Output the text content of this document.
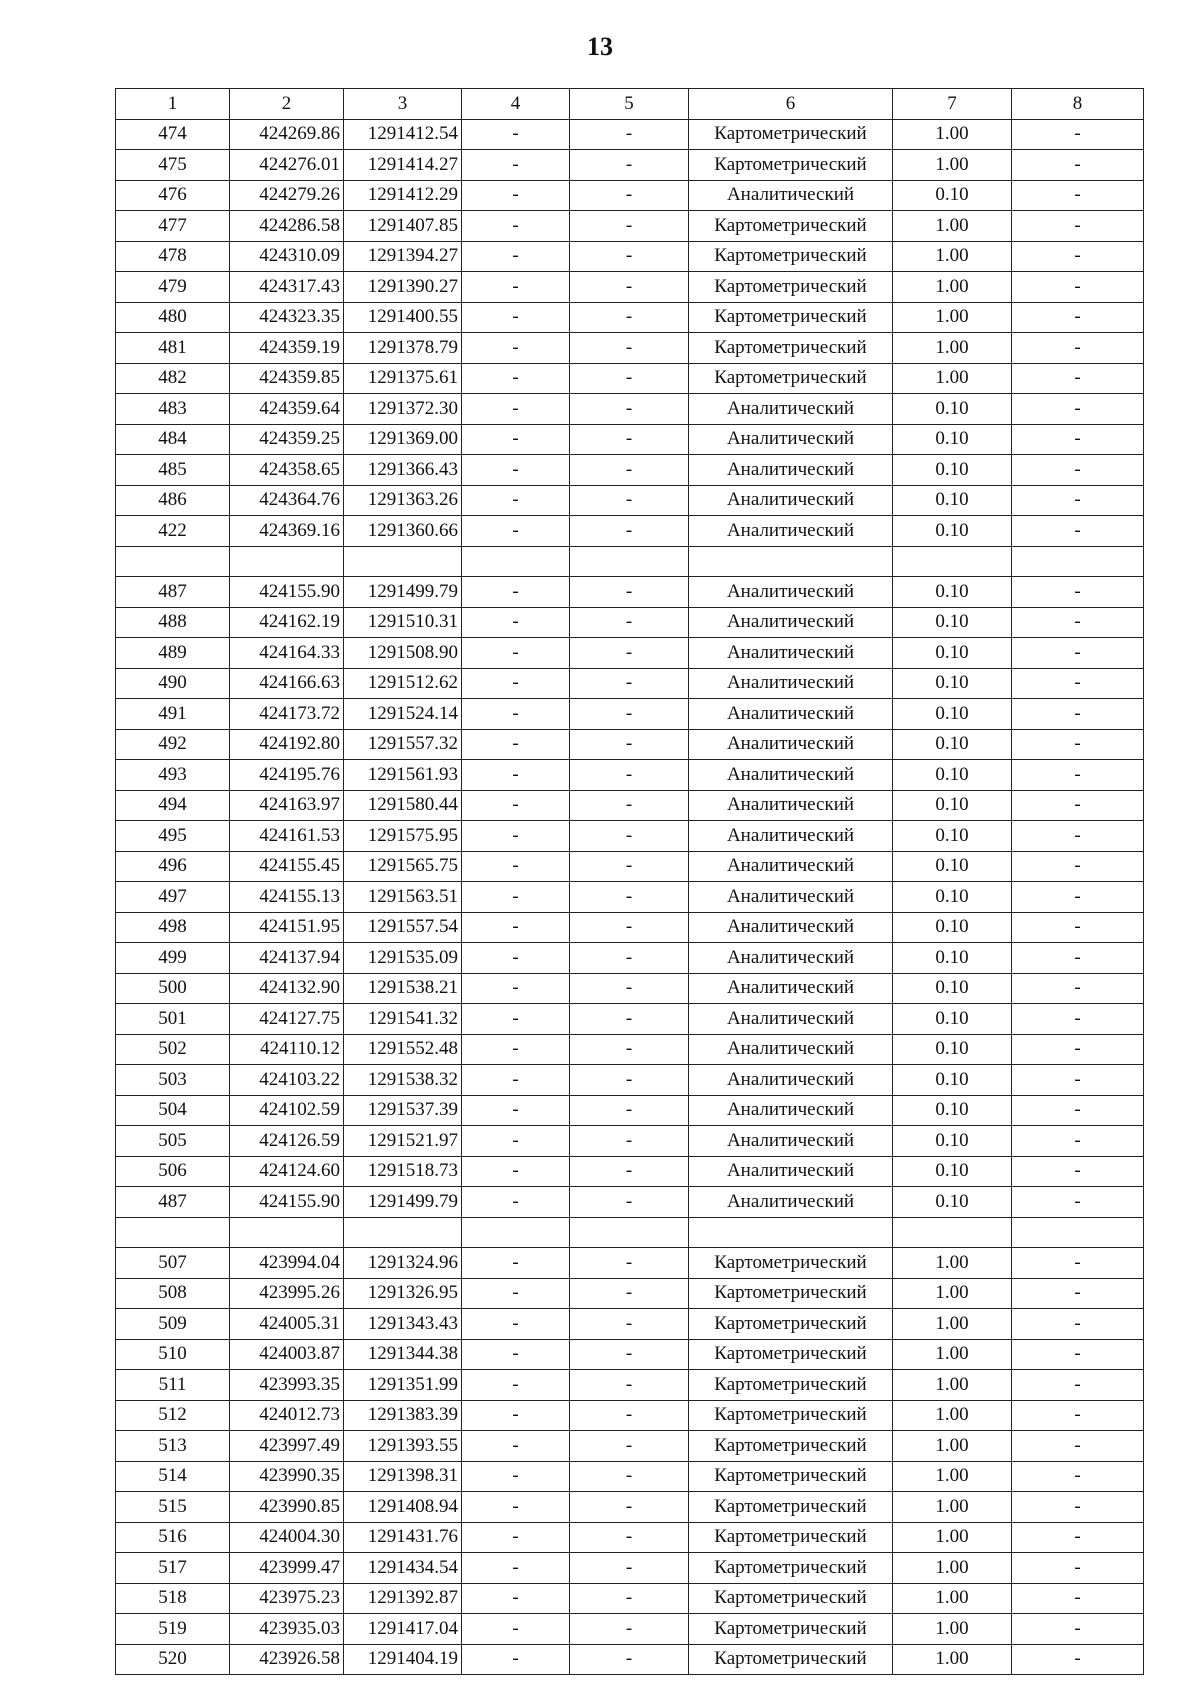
13
1	2	3	4	5	6	7	8
474	424269.86	1291412.54	-	-	Картометрический	1.00	-
475	424276.01	1291414.27	-	-	Картометрический	1.00	-
476	424279.26	1291412.29	-	-	Аналитический	0.10	-
477	424286.58	1291407.85	-	-	Картометрический	1.00	-
478	424310.09	1291394.27	-	-	Картометрический	1.00	-
479	424317.43	1291390.27	-	-	Картометрический	1.00	-
480	424323.35	1291400.55	-	-	Картометрический	1.00	-
481	424359.19	1291378.79	-	-	Картометрический	1.00	-
482	424359.85	1291375.61	-	-	Картометрический	1.00	-
483	424359.64	1291372.30	-	-	Аналитический	0.10	-
484	424359.25	1291369.00	-	-	Аналитический	0.10	-
485	424358.65	1291366.43	-	-	Аналитический	0.10	-
486	424364.76	1291363.26	-	-	Аналитический	0.10	-
422	424369.16	1291360.66	-	-	Аналитический	0.10	-

487	424155.90	1291499.79	-	-	Аналитический	0.10	-
488	424162.19	1291510.31	-	-	Аналитический	0.10	-
489	424164.33	1291508.90	-	-	Аналитический	0.10	-
490	424166.63	1291512.62	-	-	Аналитический	0.10	-
491	424173.72	1291524.14	-	-	Аналитический	0.10	-
492	424192.80	1291557.32	-	-	Аналитический	0.10	-
493	424195.76	1291561.93	-	-	Аналитический	0.10	-
494	424163.97	1291580.44	-	-	Аналитический	0.10	-
495	424161.53	1291575.95	-	-	Аналитический	0.10	-
496	424155.45	1291565.75	-	-	Аналитический	0.10	-
497	424155.13	1291563.51	-	-	Аналитический	0.10	-
498	424151.95	1291557.54	-	-	Аналитический	0.10	-
499	424137.94	1291535.09	-	-	Аналитический	0.10	-
500	424132.90	1291538.21	-	-	Аналитический	0.10	-
501	424127.75	1291541.32	-	-	Аналитический	0.10	-
502	424110.12	1291552.48	-	-	Аналитический	0.10	-
503	424103.22	1291538.32	-	-	Аналитический	0.10	-
504	424102.59	1291537.39	-	-	Аналитический	0.10	-
505	424126.59	1291521.97	-	-	Аналитический	0.10	-
506	424124.60	1291518.73	-	-	Аналитический	0.10	-
487	424155.90	1291499.79	-	-	Аналитический	0.10	-

507	423994.04	1291324.96	-	-	Картометрический	1.00	-
508	423995.26	1291326.95	-	-	Картометрический	1.00	-
509	424005.31	1291343.43	-	-	Картометрический	1.00	-
510	424003.87	1291344.38	-	-	Картометрический	1.00	-
511	423993.35	1291351.99	-	-	Картометрический	1.00	-
512	424012.73	1291383.39	-	-	Картометрический	1.00	-
513	423997.49	1291393.55	-	-	Картометрический	1.00	-
514	423990.35	1291398.31	-	-	Картометрический	1.00	-
515	423990.85	1291408.94	-	-	Картометрический	1.00	-
516	424004.30	1291431.76	-	-	Картометрический	1.00	-
517	423999.47	1291434.54	-	-	Картометрический	1.00	-
518	423975.23	1291392.87	-	-	Картометрический	1.00	-
519	423935.03	1291417.04	-	-	Картометрический	1.00	-
520	423926.58	1291404.19	-	-	Картометрический	1.00	-
